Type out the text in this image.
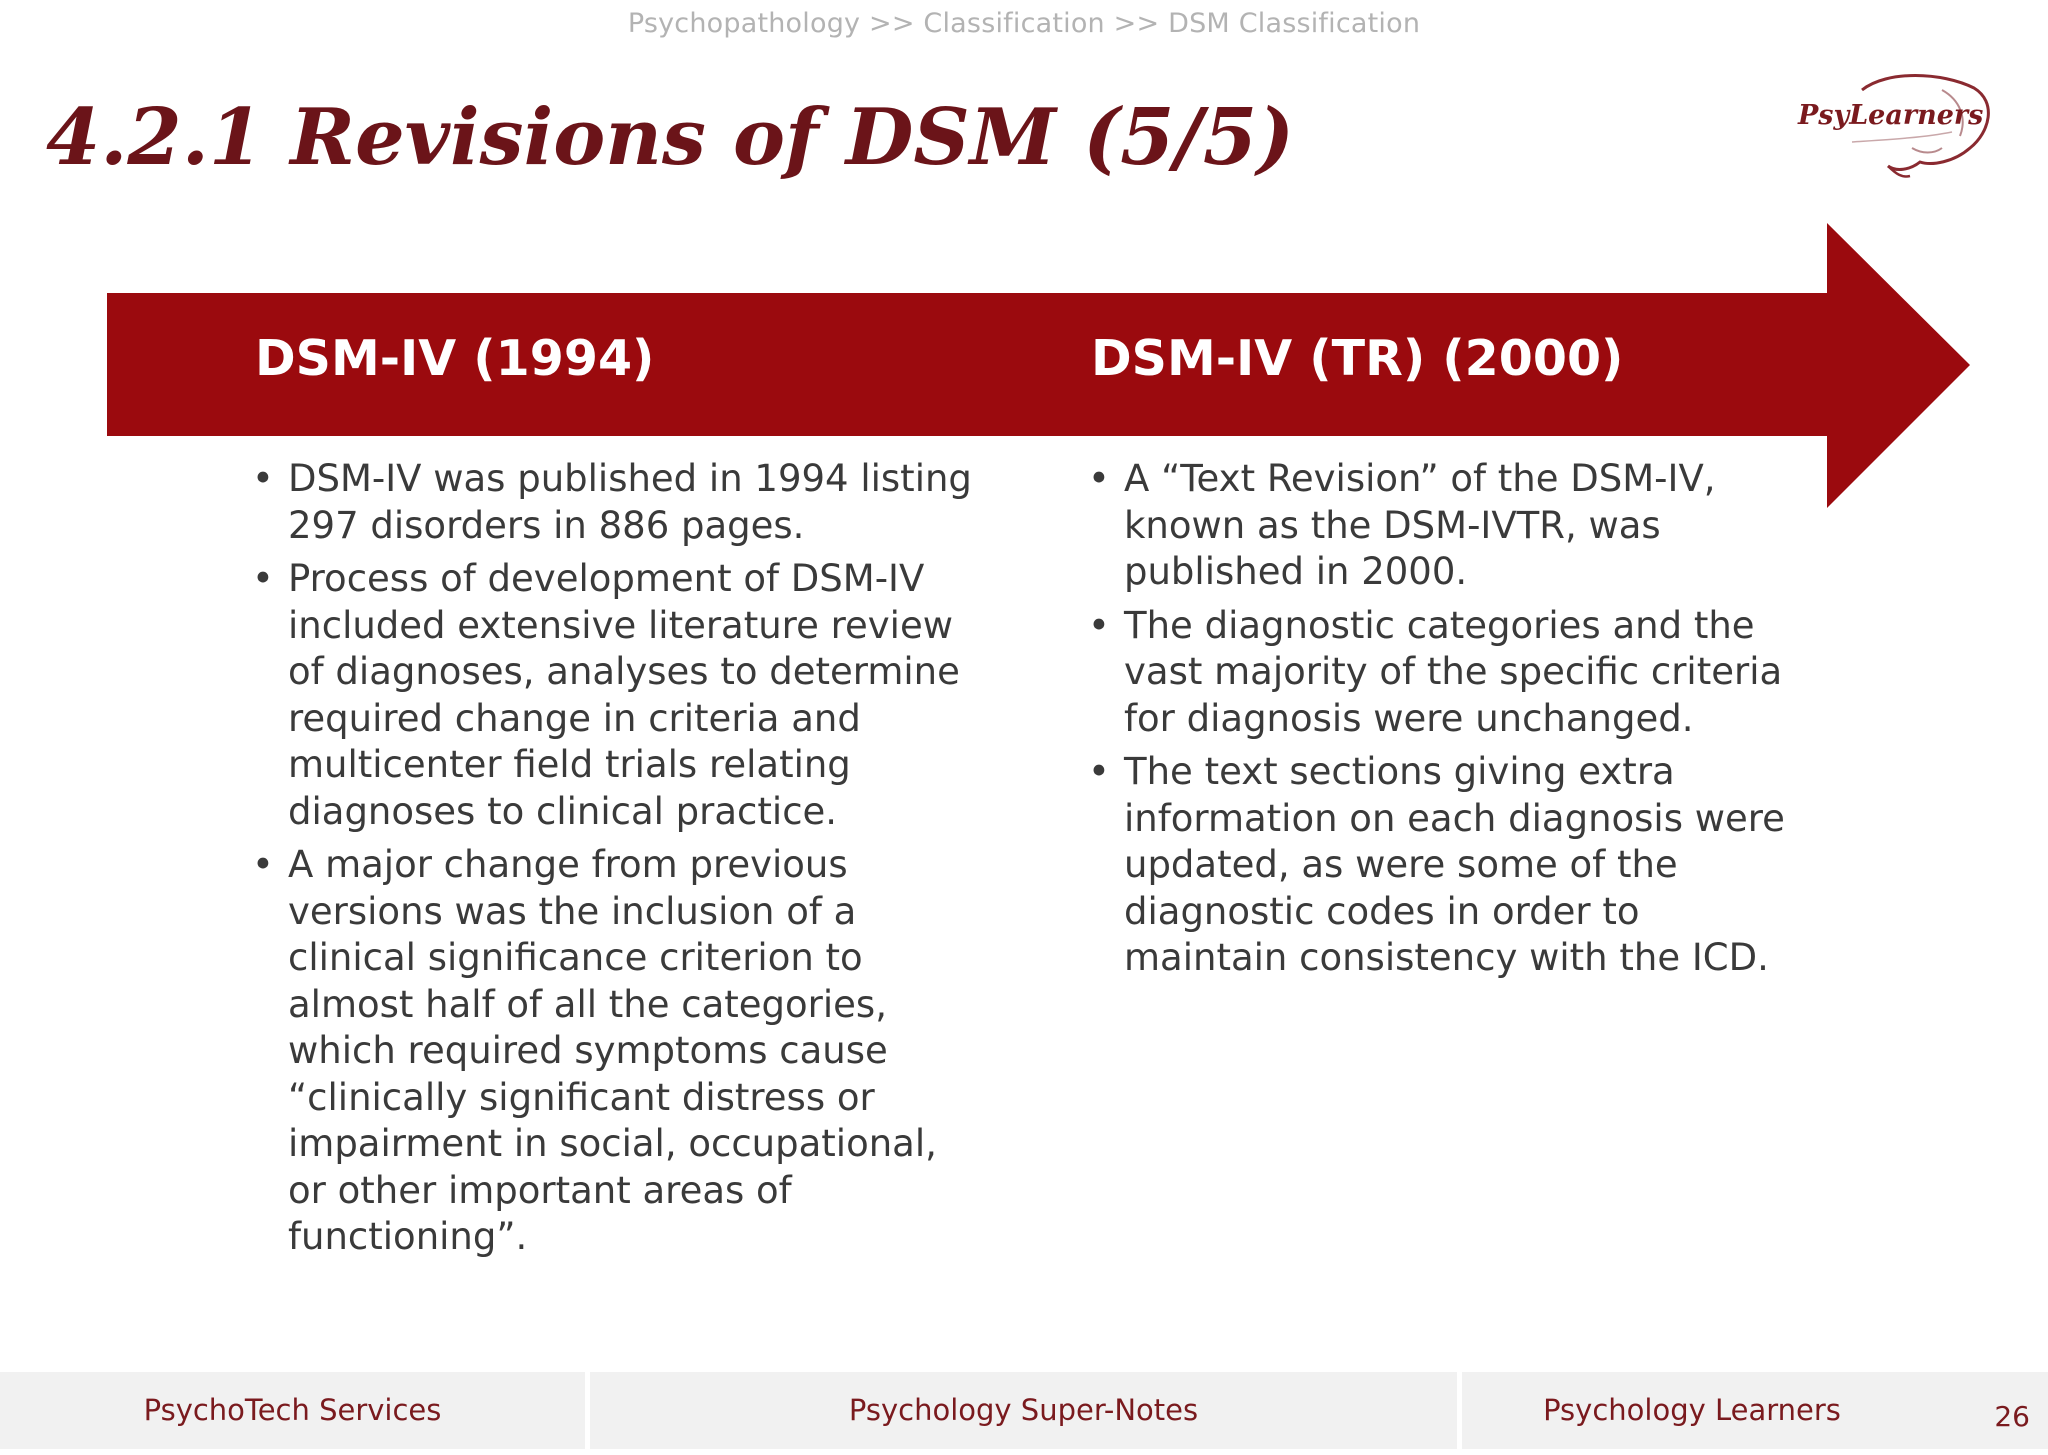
Psychopathology >> Classification >> DSM Classification
4.2.1 Revisions of DSM (5/5)	PsyLearners
DSM-IV (1994)	DSM-IV (TR) (2000)
• DSM-IV was published in 1994 listing 297 disorders in 886 pages.
• Process of development of DSM-IV included extensive literature review of diagnoses, analyses to determine required change in criteria and multicenter field trials relating diagnoses to clinical practice.
• A major change from previous versions was the inclusion of a clinical significance criterion to almost half of all the categories, which required symptoms cause “clinically significant distress or impairment in social, occupational, or other important areas of functioning”.
• A “Text Revision” of the DSM-IV, known as the DSM-IVTR, was published in 2000.
• The diagnostic categories and the vast majority of the specific criteria for diagnosis were unchanged.
• The text sections giving extra information on each diagnosis were updated, as were some of the diagnostic codes in order to maintain consistency with the ICD.
PsychoTech Services	Psychology Super-Notes	Psychology Learners	26
